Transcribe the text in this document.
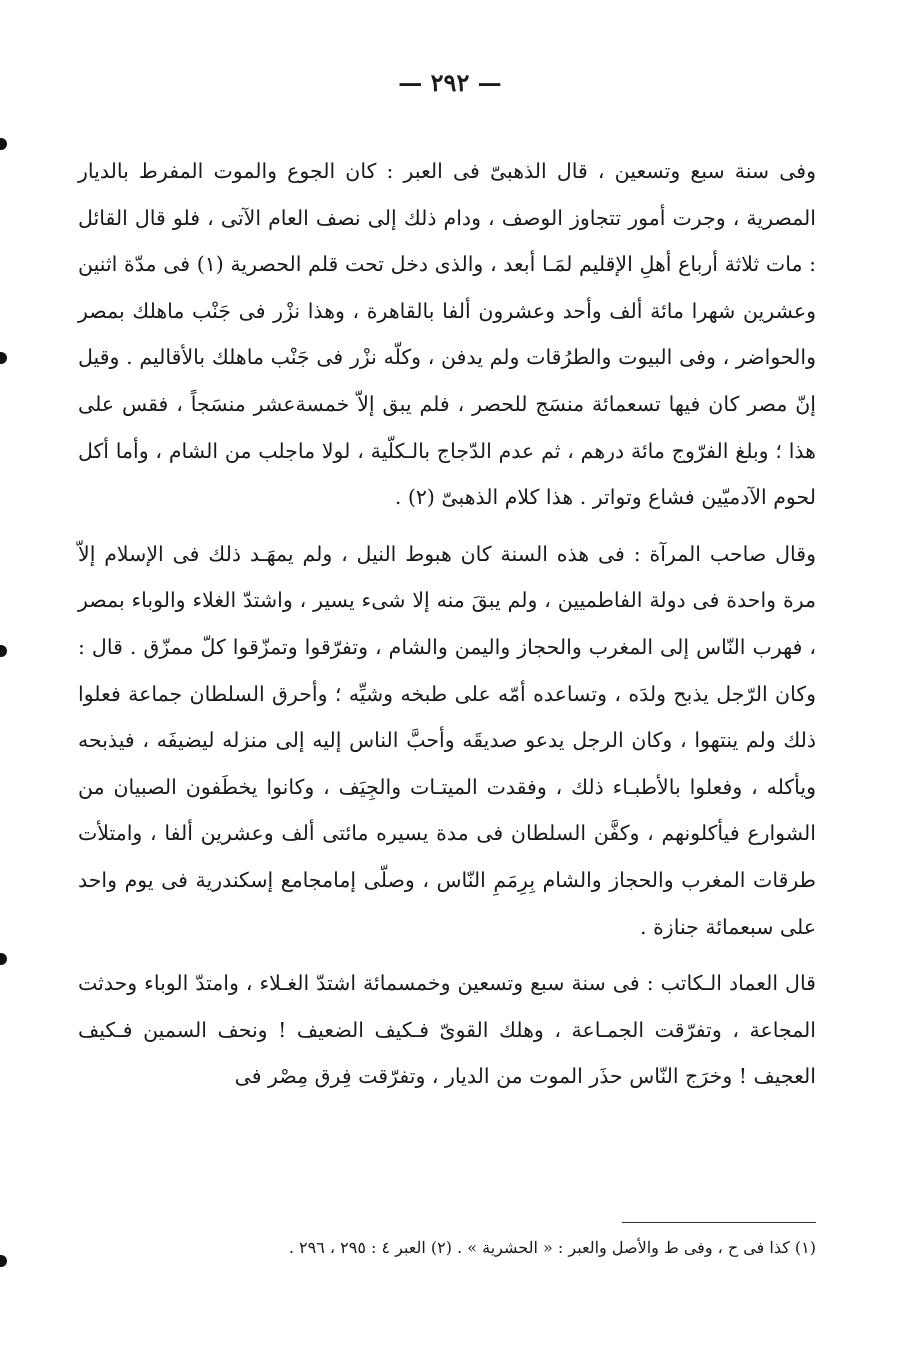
— ٢٩٢ —

وفى سنة سبع وتسعين ، قال الذهبىّ فى العبر : كان الجوع والموت المفرط بالديار المصرية ، وجرت أمور تتجاوز الوصف ، ودام ذلك إلى نصف العام الآتى ، فلو قال القائل : مات ثلاثة أرباع أهلِ الإقليم لمَـا أبعد ، والذى دخل تحت قلم الحصرية (١) فى مدّة اثنين وعشرين شهرا مائة ألف وأحد وعشرون ألفا بالقاهرة ، وهذا نزْر فى جَنْب ماهلك بمصر والحواضر ، وفى البيوت والطرُقات ولم يدفن ، وكلّه نزْر فى جَنْب ماهلك بالأقاليم . وقيل إنّ مصر كان فيها تسعمائة منسَج للحصر ، فلم يبق إلاّ خمسةعشر منسَجاً ، فقس على هذا ؛ وبلغ الفرّوج مائة درهم ، ثم عدم الدّجاج بالـكلّية ، لولا ماجلب من الشام ، وأما أكل لحوم الآدميّين فشاع وتواتر . هذا كلام الذهبىّ (٢) .

وقال صاحب المرآة : فى هذه السنة كان هبوط النيل ، ولم يمهَـد ذلك فى الإسلام إلاّ مرة واحدة فى دولة الفاطميين ، ولم يبقَ منه إلا شىء يسير ، واشتدّ الغلاء والوباء بمصر ، فهرب النّاس إلى المغرب والحجاز واليمن والشام ، وتفرّقوا وتمزّقوا كلّ ممزّق . قال : وكان الرّجل يذبح ولدَه ، وتساعده أمّه على طبخه وشيِّه ؛ وأحرق السلطان جماعة فعلوا ذلك ولم ينتهوا ، وكان الرجل يدعو صديقَه وأحبَّ الناس إليه إلى منزله ليضيفَه ، فيذبحه ويأكله ، وفعلوا بالأطبـاء ذلك ، وفقدت الميتـات والجِيَف ، وكانوا يخطَفون الصبيان من الشوارع فيأكلونهم ، وكفَّن السلطان فى مدة يسيره مائتى ألف وعشرين ألفا ، وامتلأت طرقات المغرب والحجاز والشام بِرِمَمِ النّاس ، وصلّى إمامجامع إسكندرية فى يوم واحد على سبعمائة جنازة .

قال العماد الـكاتب : فى سنة سبع وتسعين وخمسمائة اشتدّ الغـلاء ، وامتدّ الوباء وحدثت المجاعة ، وتفرّقت الجمـاعة ، وهلك القوىّ فـكيف الضعيف ! ونحف السمين فـكيف العجيف ! وخرَج النّاس حذَر الموت من الديار ، وتفرّقت فِرق مِصْر فى

(١) كذا فى ح ، وفى ط والأصل والعبر : « الحشرية » . (٢) العبر ٤ : ٢٩٥ ، ٢٩٦ .
